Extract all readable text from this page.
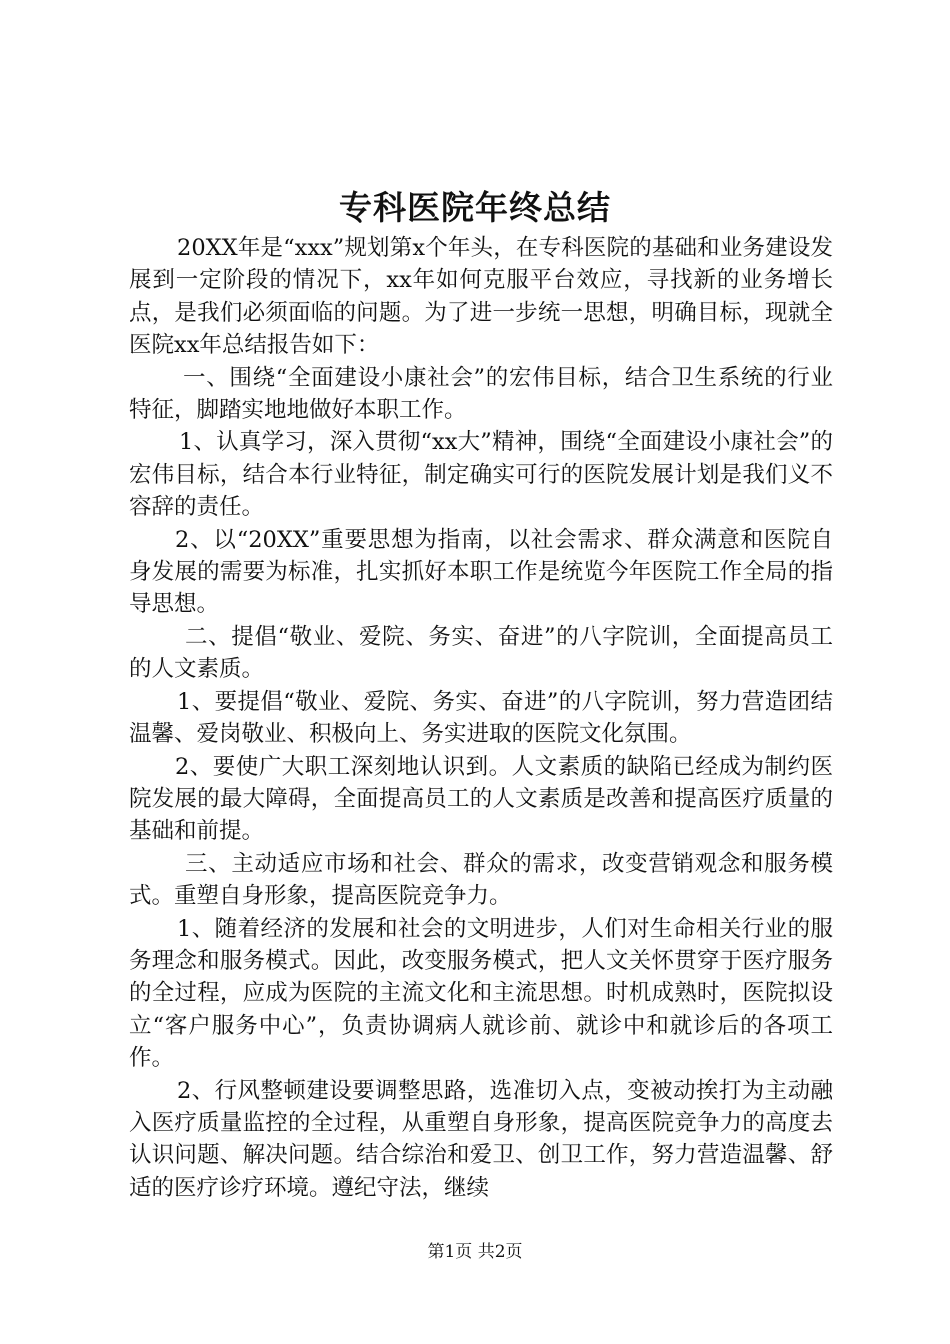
专科医院年终总结

20XX年是“xxx”规划第x个年头，在专科医院的基础和业务建设发展到一定阶段的情况下，xx年如何克服平台效应，寻找新的业务增长点，是我们必须面临的问题。为了进一步统一思想，明确目标，现就全医院xx年总结报告如下：

一、围绕“全面建设小康社会”的宏伟目标，结合卫生系统的行业特征，脚踏实地地做好本职工作。

1、认真学习，深入贯彻“xx大”精神，围绕“全面建设小康社会”的宏伟目标，结合本行业特征，制定确实可行的医院发展计划是我们义不容辞的责任。

2、以“20XX”重要思想为指南，以社会需求、群众满意和医院自身发展的需要为标准，扎实抓好本职工作是统览今年医院工作全局的指导思想。

二、提倡“敬业、爱院、务实、奋进”的八字院训，全面提高员工的人文素质。

1、要提倡“敬业、爱院、务实、奋进”的八字院训，努力营造团结温馨、爱岗敬业、积极向上、务实进取的医院文化氛围。

2、要使广大职工深刻地认识到。人文素质的缺陷已经成为制约医院发展的最大障碍，全面提高员工的人文素质是改善和提高医疗质量的基础和前提。

三、主动适应市场和社会、群众的需求，改变营销观念和服务模式。重塑自身形象，提高医院竞争力。

1、随着经济的发展和社会的文明进步，人们对生命相关行业的服务理念和服务模式。因此，改变服务模式，把人文关怀贯穿于医疗服务的全过程，应成为医院的主流文化和主流思想。时机成熟时，医院拟设立“客户服务中心”，负责协调病人就诊前、就诊中和就诊后的各项工作。

2、行风整顿建设要调整思路，选准切入点，变被动挨打为主动融入医疗质量监控的全过程，从重塑自身形象，提高医院竞争力的高度去认识问题、解决问题。结合综治和爱卫、创卫工作，努力营造温馨、舒适的医疗诊疗环境。遵纪守法，继续

第1页 共2页
